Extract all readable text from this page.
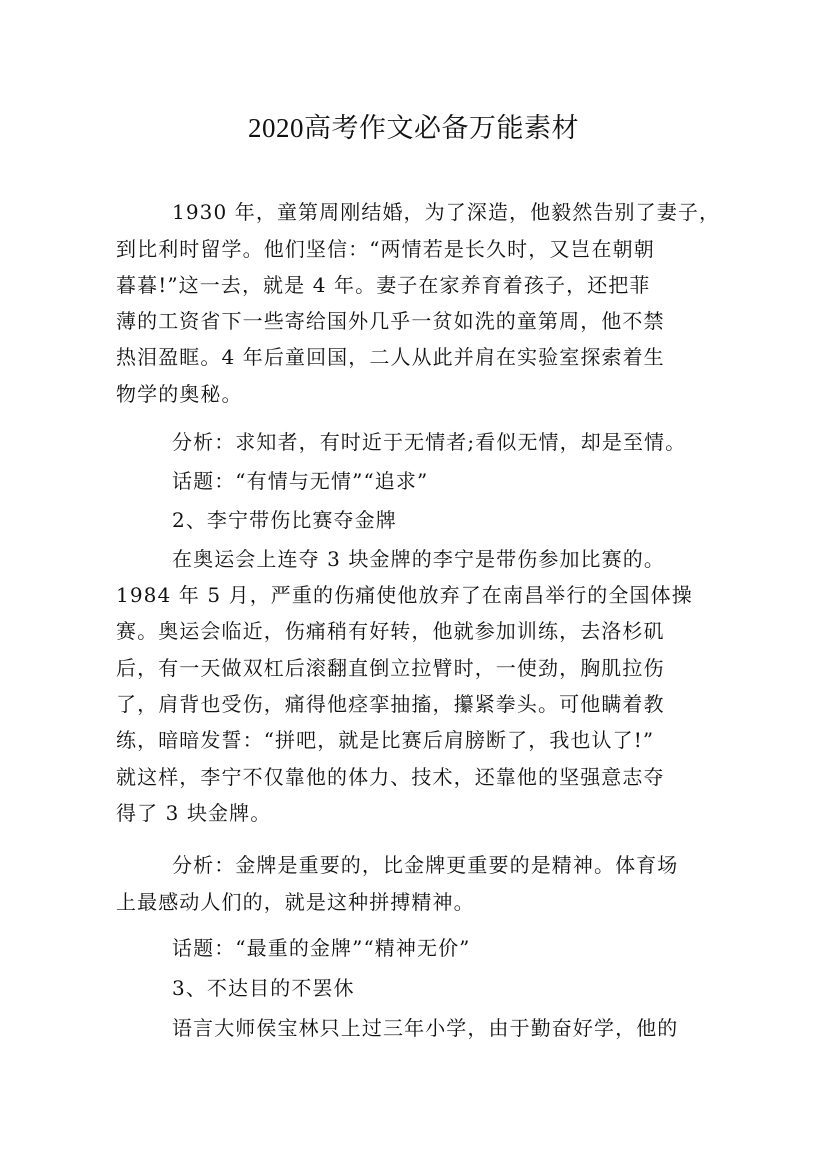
2020高考作文必备万能素材
1930 年，童第周刚结婚，为了深造，他毅然告别了妻子，
到比利时留学。他们坚信：“两情若是长久时，又岂在朝朝
暮暮!”这一去，就是 4 年。妻子在家养育着孩子，还把菲
薄的工资省下一些寄给国外几乎一贫如洗的童第周，他不禁
热泪盈眶。4 年后童回国，二人从此并肩在实验室探索着生
物学的奥秘。
分析：求知者，有时近于无情者;看似无情，却是至情。
话题：“有情与无情”“追求”
2、李宁带伤比赛夺金牌
在奥运会上连夺 3 块金牌的李宁是带伤参加比赛的。
1984 年 5 月，严重的伤痛使他放弃了在南昌举行的全国体操
赛。奥运会临近，伤痛稍有好转，他就参加训练，去洛杉矶
后，有一天做双杠后滚翻直倒立拉臂时，一使劲，胸肌拉伤
了，肩背也受伤，痛得他痉挛抽搐，攥紧拳头。可他瞒着教
练，暗暗发誓：“拼吧，就是比赛后肩膀断了，我也认了!”
就这样，李宁不仅靠他的体力、技术，还靠他的坚强意志夺
得了 3 块金牌。
分析：金牌是重要的，比金牌更重要的是精神。体育场
上最感动人们的，就是这种拼搏精神。
话题：“最重的金牌”“精神无价”
3、不达目的不罢休
语言大师侯宝林只上过三年小学，由于勤奋好学，他的
